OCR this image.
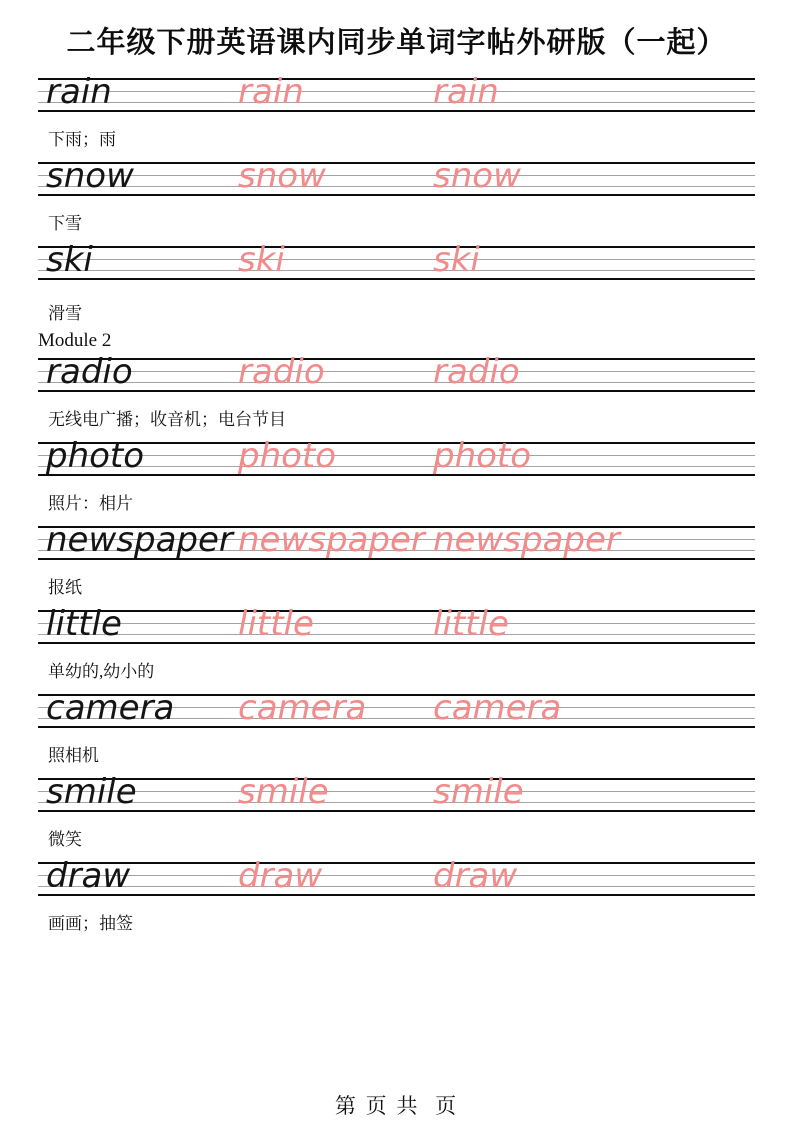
二年级下册英语课内同步单词字帖外研版（一起）
rain	rain	rain
下雨；雨
snow	snow	snow
下雪
ski	ski	ski
滑雪
Module 2
radio	radio	radio
无线电广播；收音机；电台节目
photo	photo	photo
照片：相片
newspaper newspaper newspaper
报纸
little	little	little
单幼的,幼小的
camera camera camera
照相机
smile	smile	smile
微笑
draw	draw	draw
画画；抽签
第 页 共  页
